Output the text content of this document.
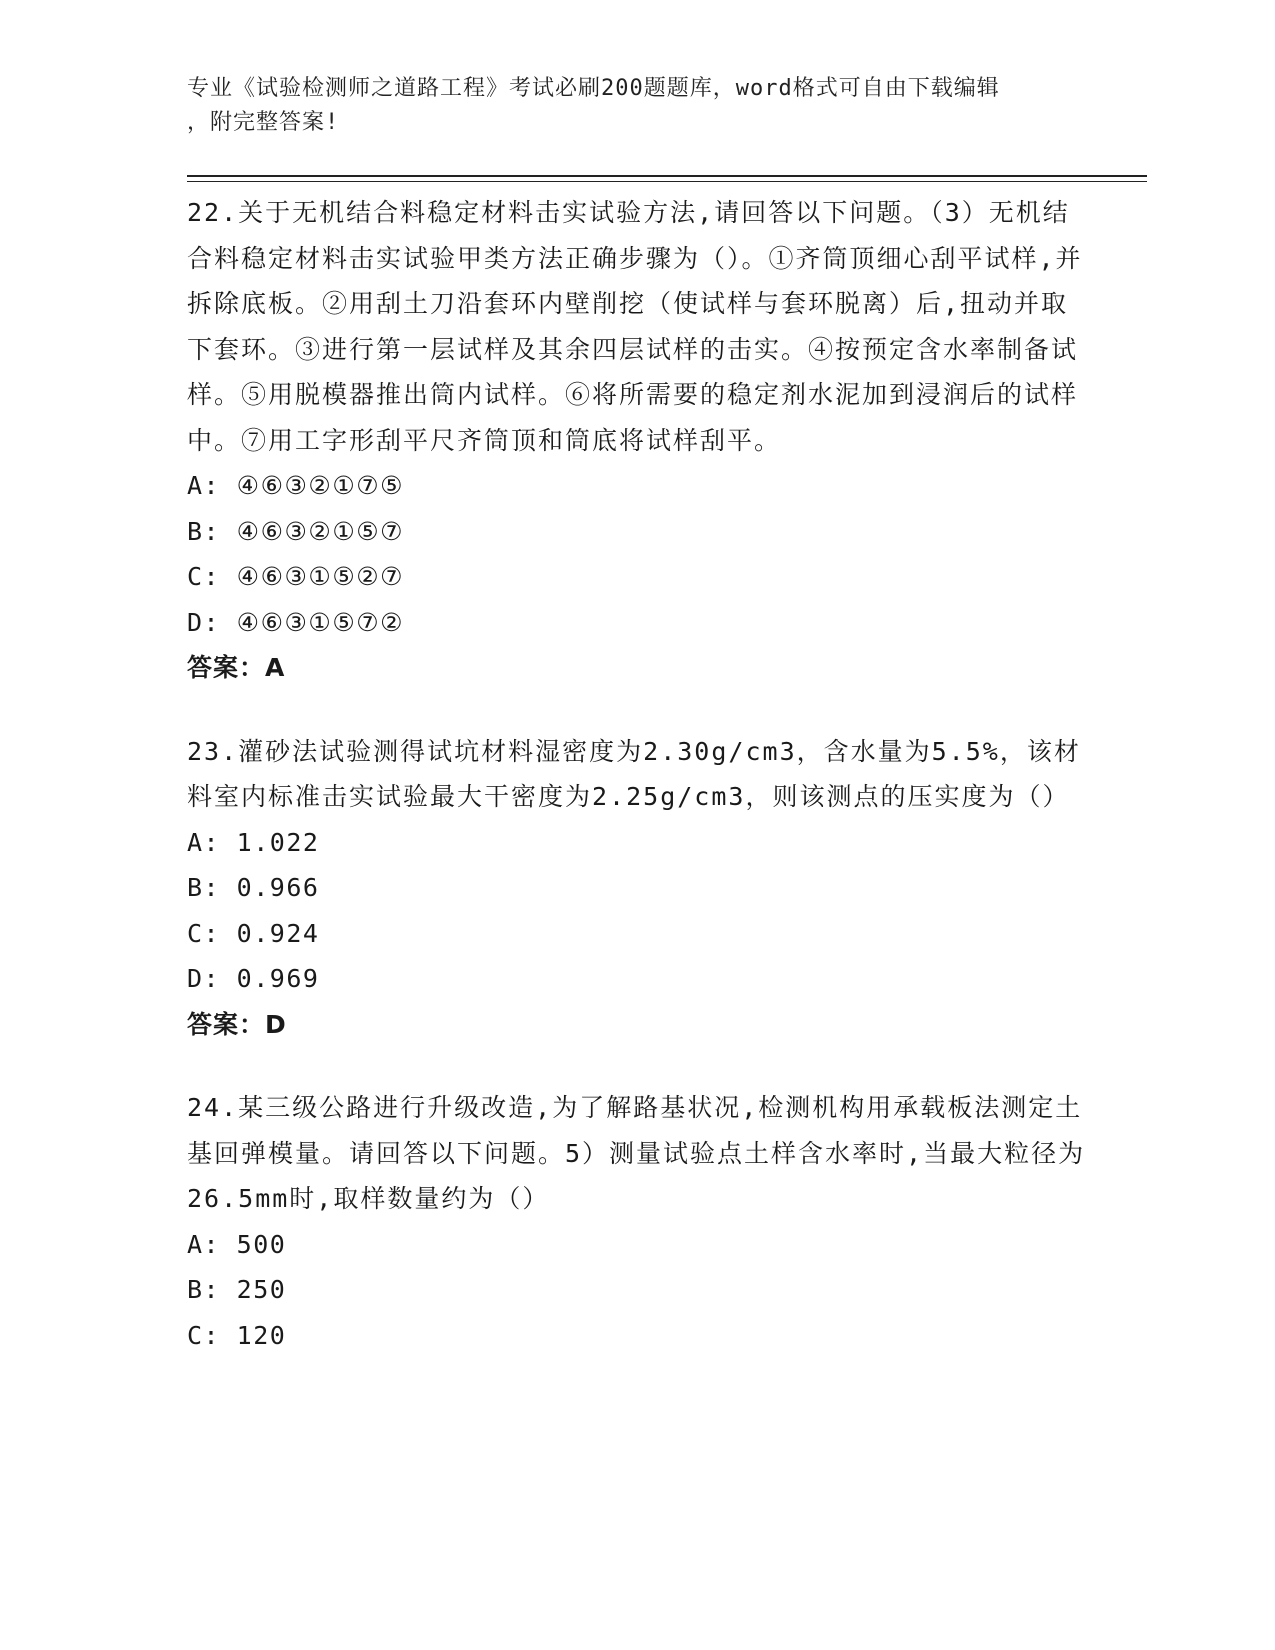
专业《试验检测师之道路工程》考试必刷200题题库，word格式可自由下载编辑
，附完整答案!

22.关于无机结合料稳定材料击实试验方法,请回答以下问题。（3）无机结合料稳定材料击实试验甲类方法正确步骤为（）。①齐筒顶细心刮平试样,并拆除底板。②用刮土刀沿套环内壁削挖（使试样与套环脱离）后,扭动并取下套环。③进行第一层试样及其余四层试样的击实。④按预定含水率制备试样。⑤用脱模器推出筒内试样。⑥将所需要的稳定剂水泥加到浸润后的试样中。⑦用工字形刮平尺齐筒顶和筒底将试样刮平。

A: ④⑥③②①⑦⑤

B: ④⑥③②①⑤⑦

C: ④⑥③①⑤②⑦

D: ④⑥③①⑤⑦②

答案：A

23.灌砂法试验测得试坑材料湿密度为2.30g/cm3，含水量为5.5%，该材料室内标准击实试验最大干密度为2.25g/cm3，则该测点的压实度为（）

A: 1.022

B: 0.966

C: 0.924

D: 0.969

答案：D

24.某三级公路进行升级改造,为了解路基状况,检测机构用承载板法测定土基回弹模量。请回答以下问题。5）测量试验点土样含水率时,当最大粒径为26.5mm时,取样数量约为（）

A: 500

B: 250

C: 120
